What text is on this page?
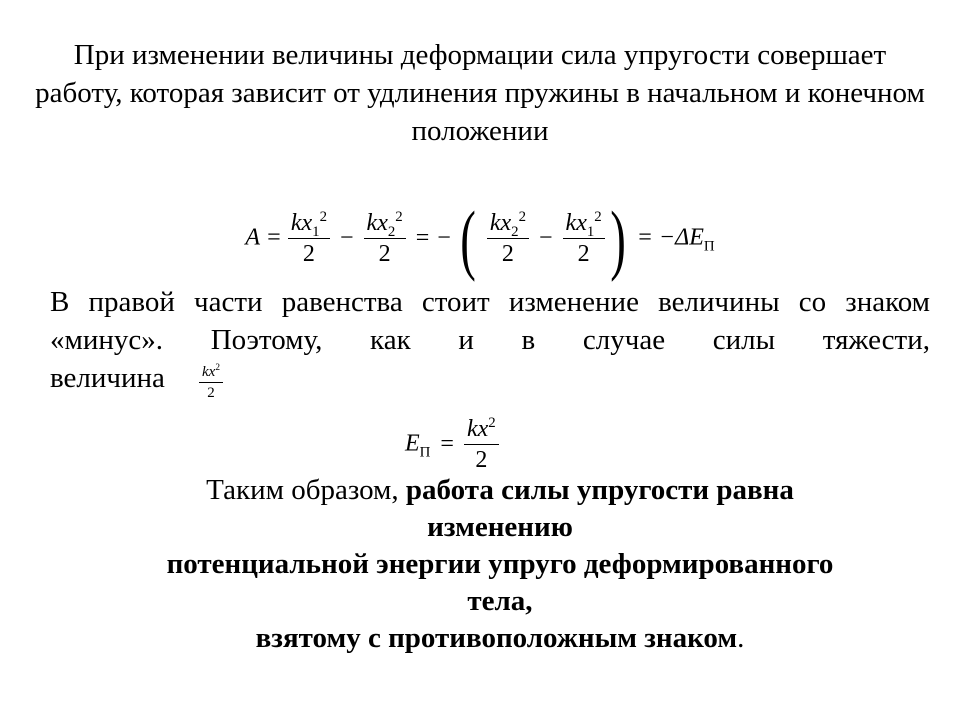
При изменении величины деформации сила упругости совершает работу, которая зависит от удлинения пружины в начальном и конечном положении

$A = \frac{kx_1^2}{2} - \frac{kx_2^2}{2}$ = − ( $\frac{kx_2^2}{2} - \frac{kx_1^2}{2}$ ) = $-\Delta E_П$

В правой части равенства стоит изменение величины со знаком «минус». Поэтому, как и в случае силы тяжести,

величина $\frac{kx^2}{2}$
$E_П = \frac{kx^2}{2}$

Таким образом, работа силы упругости равна
изменению
потенциальной энергии упруго деформированного
тела,
взятому с противоположным знаком.
